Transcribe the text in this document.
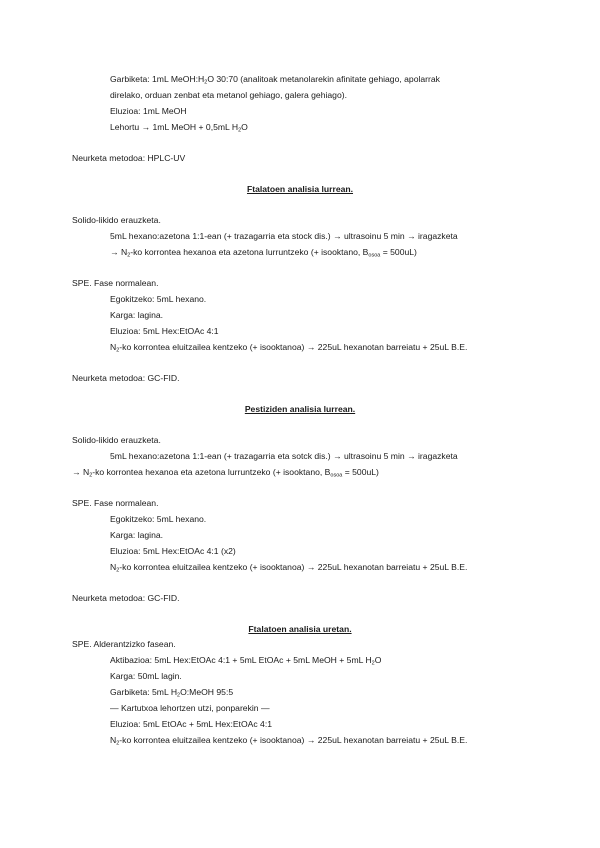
Garbiketa: 1mL $MeOH:H_2O$ 30:70 (analitoak metanolarekin afinitate gehiago, apolarrak
direlako, orduan zenbat eta metanol gehiago, galera gehiago).
Eluzioa: 1mL MeOH
Lehortu → 1mL MeOH + 0,5mL $H_2O$
Neurketa metodoa: HPLC-UV
Ftalatoen analisia lurrean.
Solido-likido erauzketa.
5mL hexano:azetona 1:1-ean (+ trazagarria eta stock dis.) → ultrasoinu 5 min → iragazketa
→ $N_2-ko$ korrontea hexanoa eta azetona lurruntzeko (+ isooktano, $B_{osoa} = 500uL$)
SPE. Fase normalean.
Egokitzeko: 5mL hexano.
Karga: lagina.
Eluzioa: 5mL Hex:EtOAc 4:1
$N_2-ko$ korrontea eluitzailea kentzeko (+ isooktanoa) → 225uL hexanotan barreiatu + 25uL B.E.
Neurketa metodoa: GC-FID.
Pestiziden analisia lurrean.
Solido-likido erauzketa.
5mL hexano:azetona 1:1-ean (+ trazagarria eta sotck dis.) → ultrasoinu 5 min → iragazketa
→ $N_2-ko$ korrontea hexanoa eta azetona lurruntzeko (+ isooktano, $B_{osoa} = 500uL$)
SPE. Fase normalean.
Egokitzeko: 5mL hexano.
Karga: lagina.
Eluzioa: 5mL Hex:EtOAc 4:1 (x2)
$N_2-ko$ korrontea eluitzailea kentzeko (+ isooktanoa) → 225uL hexanotan barreiatu + 25uL B.E.
Neurketa metodoa: GC-FID.
Ftalatoen analisia uretan.
SPE. Alderantzizko fasean.
Aktibazioa: 5mL Hex:EtOAc 4:1 + 5mL EtOAc + 5mL MeOH + 5mL $H_2O$
Karga: 50mL lagin.
Garbiketa: 5mL $H_2O:MeOH$ 95:5
— Kartutxoa lehortzen utzi, ponparekin —
Eluzioa: 5mL EtOAc + 5mL Hex:EtOAc 4:1
$N_2-ko$ korrontea eluitzailea kentzeko (+ isooktanoa) → 225uL hexanotan barreiatu + 25uL B.E.
